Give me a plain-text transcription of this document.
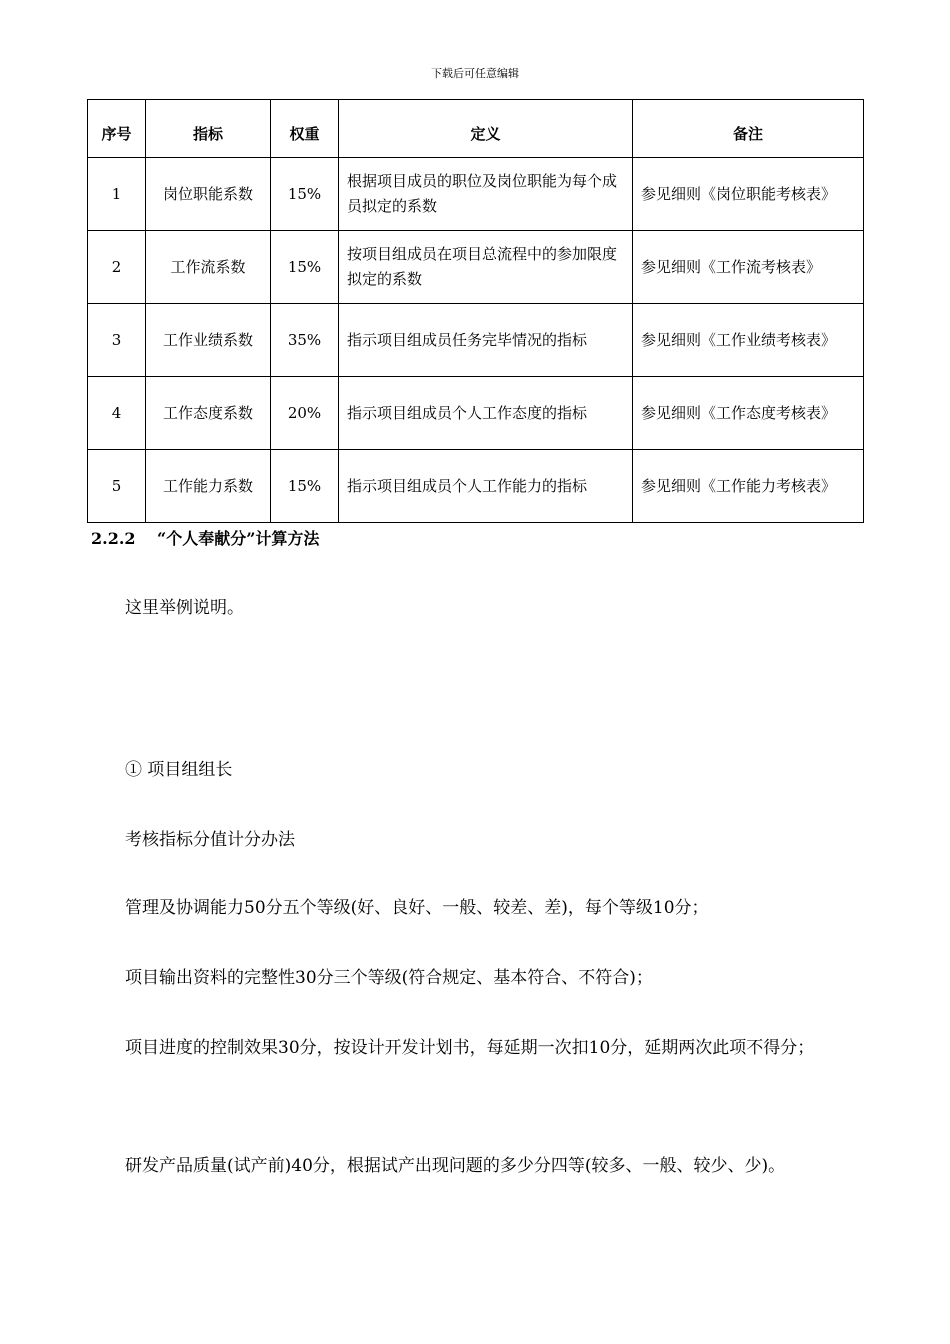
下载后可任意编辑
序号	指标	权重	定义	备注
1	岗位职能系数	15%	根据项目成员的职位及岗位职能为每个成员拟定的系数	参见细则《岗位职能考核表》
2	工作流系数	15%	按项目组成员在项目总流程中的参加限度拟定的系数	参见细则《工作流考核表》
3	工作业绩系数	35%	指示项目组成员任务完毕情况的指标	参见细则《工作业绩考核表》
4	工作态度系数	20%	指示项目组成员个人工作态度的指标	参见细则《工作态度考核表》
5	工作能力系数	15%	指示项目组成员个人工作能力的指标	参见细则《工作能力考核表》
2.2.2 “个人奉献分”计算方法
这里举例说明。
① 项目组组长
考核指标分值计分办法
管理及协调能力50分五个等级(好、良好、一般、较差、差)，每个等级10分；
项目输出资料的完整性30分三个等级(符合规定、基本符合、不符合)；
项目进度的控制效果30分，按设计开发计划书，每延期一次扣10分，延期两次此项不得分；
研发产品质量(试产前)40分，根据试产出现问题的多少分四等(较多、一般、较少、少)。
